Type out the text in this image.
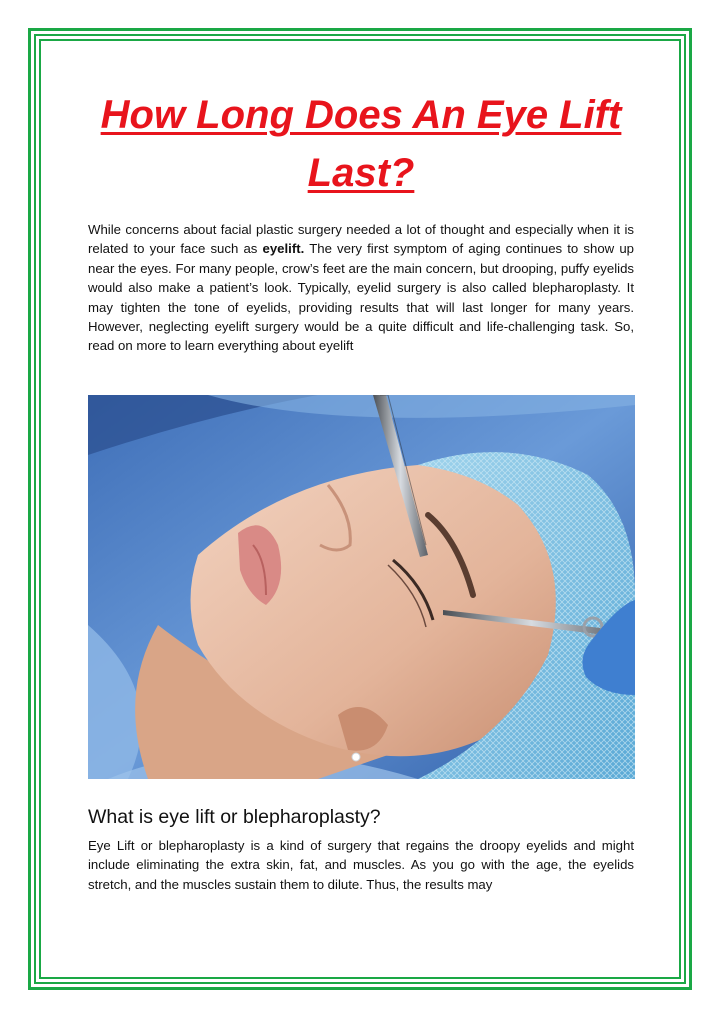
How Long Does An Eye Lift Last?

While concerns about facial plastic surgery needed a lot of thought and especially when it is related to your face such as eyelift. The very first symptom of aging continues to show up near the eyes. For many people, crow’s feet are the main concern, but drooping, puffy eyelids would also make a patient’s look. Typically, eyelid surgery is also called blepharoplasty. It may tighten the tone of eyelids, providing results that will last longer for many years. However, neglecting eyelift surgery would be a quite difficult and life-challenging task. So, read on more to learn everything about eyelift

What is eye lift or blepharoplasty?

Eye Lift or blepharoplasty is a kind of surgery that regains the droopy eyelids and might include eliminating the extra skin, fat, and muscles. As you go with the age, the eyelids stretch, and the muscles sustain them to dilute. Thus, the results may
